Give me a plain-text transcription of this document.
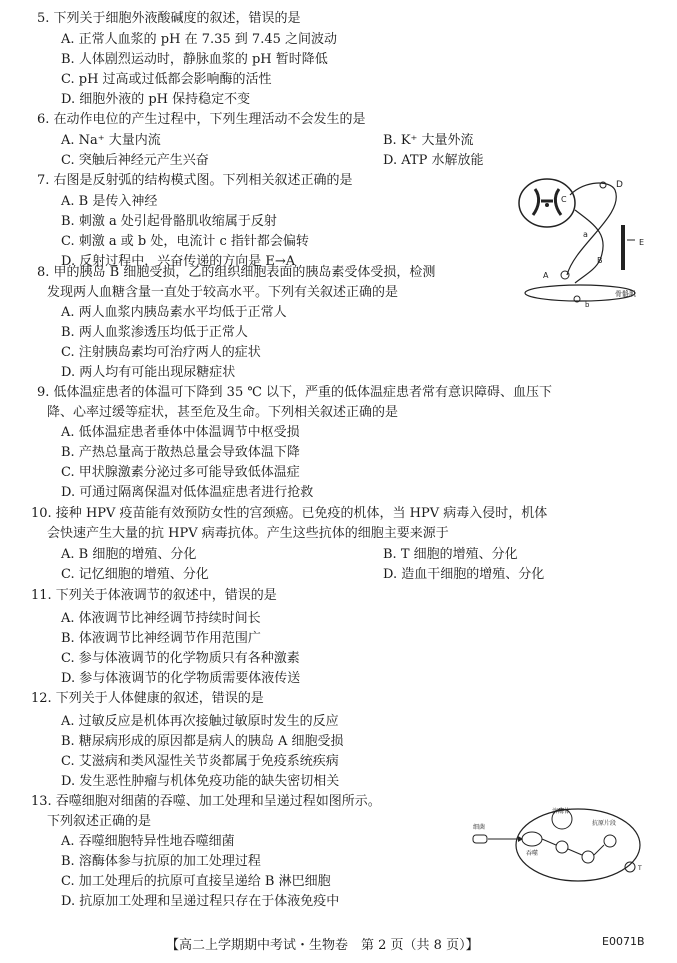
5. 下列关于细胞外液酸碱度的叙述，错误的是
A. 正常人血浆的 pH 在 7.35 到 7.45 之间波动
B. 人体剧烈运动时，静脉血浆的 pH 暂时降低
C. pH 过高或过低都会影响酶的活性
D. 细胞外液的 pH 保持稳定不变
6. 在动作电位的产生过程中，下列生理活动不会发生的是
A. Na⁺ 大量内流	B. K⁺ 大量外流
C. 突触后神经元产生兴奋	D. ATP 水解放能
7. 右图是反射弧的结构模式图。下列相关叙述正确的是
A. B 是传入神经
B. 刺激 a 处引起骨骼肌收缩属于反射
C. 刺激 a 或 b 处，电流计 c 指针都会偏转
D. 反射过程中，兴奋传递的方向是 E→A
D
C
a
B
E
A
骨骼肌
b
8. 甲的胰岛 B 细胞受损，乙的组织细胞表面的胰岛素受体受损，检测
发现两人血糖含量一直处于较高水平。下列有关叙述正确的是
A. 两人血浆内胰岛素水平均低于正常人
B. 两人血浆渗透压均低于正常人
C. 注射胰岛素均可治疗两人的症状
D. 两人均有可能出现尿糖症状
9. 低体温症患者的体温可下降到 35 ℃ 以下，严重的低体温症患者常有意识障碍、血压下
降、心率过缓等症状，甚至危及生命。下列相关叙述正确的是
A. 低体温症患者垂体中体温调节中枢受损
B. 产热总量高于散热总量会导致体温下降
C. 甲状腺激素分泌过多可能导致低体温症
D. 可通过隔离保温对低体温症患者进行抢救
10. 接种 HPV 疫苗能有效预防女性的宫颈癌。已免疫的机体，当 HPV 病毒入侵时，机体
会快速产生大量的抗 HPV 病毒抗体。产生这些抗体的细胞主要来源于
A. B 细胞的增殖、分化	B. T 细胞的增殖、分化
C. 记忆细胞的增殖、分化	D. 造血干细胞的增殖、分化
11. 下列关于体液调节的叙述中，错误的是
A. 体液调节比神经调节持续时间长
B. 体液调节比神经调节作用范围广
C. 参与体液调节的化学物质只有各种激素
D. 参与体液调节的化学物质需要体液传送
12. 下列关于人体健康的叙述，错误的是
A. 过敏反应是机体再次接触过敏原时发生的反应
B. 糖尿病形成的原因都是病人的胰岛 A 细胞受损
C. 艾滋病和类风湿性关节炎都属于免疫系统疾病
D. 发生恶性肿瘤与机体免疫功能的缺失密切相关
13. 吞噬细胞对细菌的吞噬、加工处理和呈递过程如图所示。
下列叙述正确的是
A. 吞噬细胞特异性地吞噬细菌
B. 溶酶体参与抗原的加工处理过程
C. 加工处理后的抗原可直接呈递给 B 淋巴细胞
D. 抗原加工处理和呈递过程只存在于体液免疫中
细菌
溶酶体
抗原片段
吞噬
T
【高二上学期期中考试・生物卷　第 2 页（共 8 页）】	E0071B
